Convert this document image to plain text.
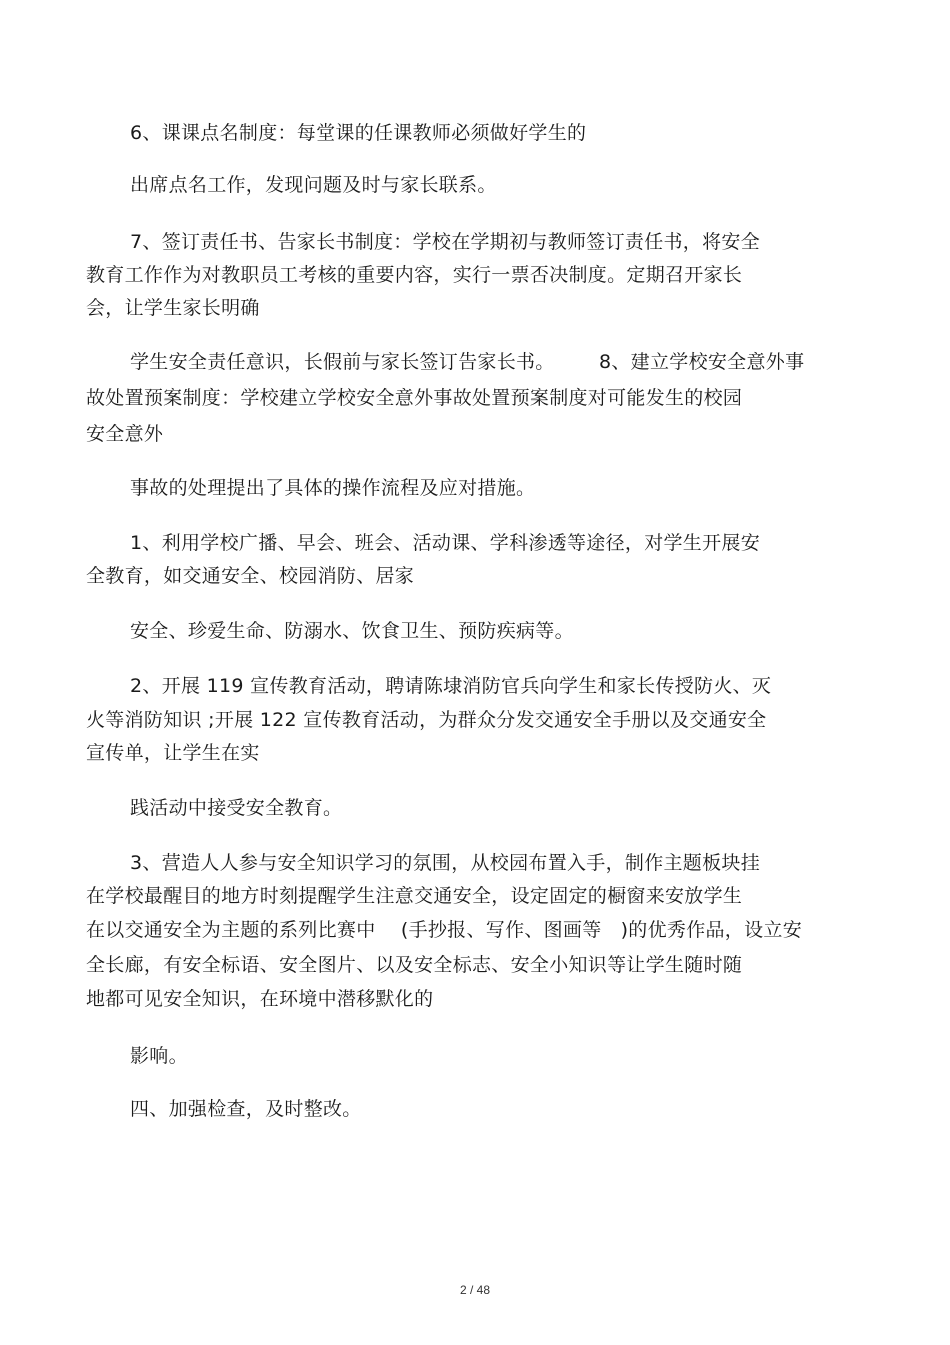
6、课课点名制度：每堂课的任课教师必须做好学生的
出席点名工作，发现问题及时与家长联系。
7、签订责任书、告家长书制度：学校在学期初与教师签订责任书，将安全
教育工作作为对教职员工考核的重要内容，实行一票否决制度。定期召开家长
会，让学生家长明确
学生安全责任意识，长假前与家长签订告家长书。       8、建立学校安全意外事
故处置预案制度：学校建立学校安全意外事故处置预案制度对可能发生的校园
安全意外
事故的处理提出了具体的操作流程及应对措施。
1、利用学校广播、早会、班会、活动课、学科渗透等途径，对学生开展安
全教育，如交通安全、校园消防、居家
安全、珍爱生命、防溺水、饮食卫生、预防疾病等。
2、开展 119 宣传教育活动，聘请陈埭消防官兵向学生和家长传授防火、灭
火等消防知识 ;开展 122 宣传教育活动，为群众分发交通安全手册以及交通安全
宣传单，让学生在实
践活动中接受安全教育。
3、营造人人参与安全知识学习的氛围，从校园布置入手，制作主题板块挂
在学校最醒目的地方时刻提醒学生注意交通安全，设定固定的橱窗来安放学生
在以交通安全为主题的系列比赛中    (手抄报、写作、图画等   )的优秀作品，设立安
全长廊，有安全标语、安全图片、以及安全标志、安全小知识等让学生随时随
地都可见安全知识，在环境中潜移默化的
影响。
四、加强检查，及时整改。
2 / 48
